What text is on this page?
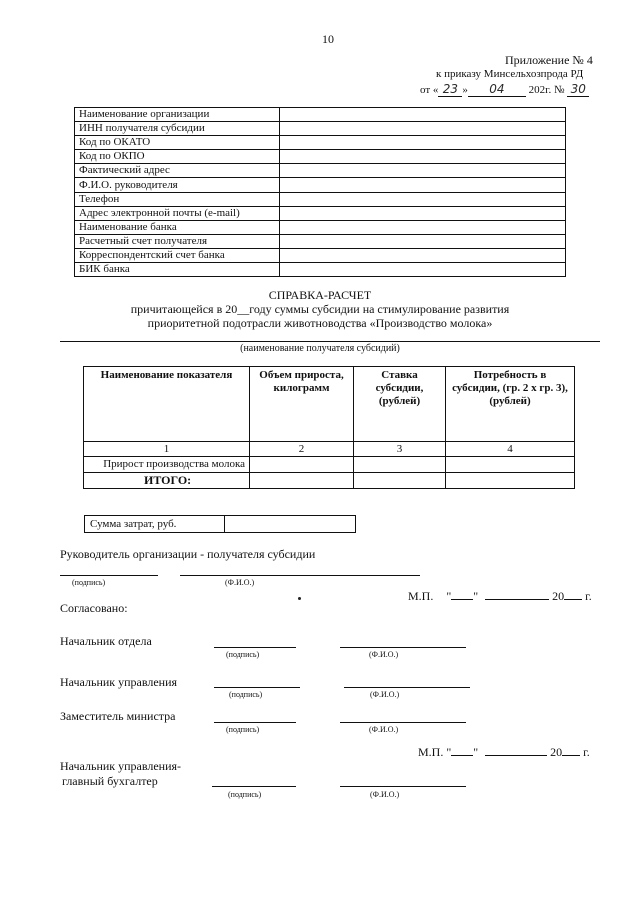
10
Приложение № 4
к приказу Минсельхозпрода РД
от « 23 » 04 202г. № 30
Наименование организации	
ИНН получателя субсидии	
Код по ОКАТО	
Код по ОКПО	
Фактический адрес	
Ф.И.О. руководителя	
Телефон	
Адрес электронной почты (e-mail)	
Наименование банка	
Расчетный счет получателя	
Корреспондентский счет банка	
БИК банка	
СПРАВКА-РАСЧЕТ
причитающейся в 20__году суммы субсидии на стимулирование развития
приоритетной подотрасли животноводства «Производство молока»
(наименование получателя субсидий)
Наименование показателя	Объем прироста, килограмм	Ставка субсидии, (рублей)	Потребность в субсидии, (гр. 2 х гр. 3), (рублей)
1	2	3	4
Прирост производства молока			
ИТОГО:			
Сумма затрат, руб.	
Руководитель организации - получателя субсидии
(подпись)	(Ф.И.О.)
М.П. " "	20 г.
Согласовано:
Начальник отдела
(подпись)	(Ф.И.О.)
Начальник управления
(подпись)	(Ф.И.О.)
Заместитель министра
(подпись)	(Ф.И.О.)
М.П. " "	20 г.
Начальник управления-
главный бухгалтер
(подпись)	(Ф.И.О.)
